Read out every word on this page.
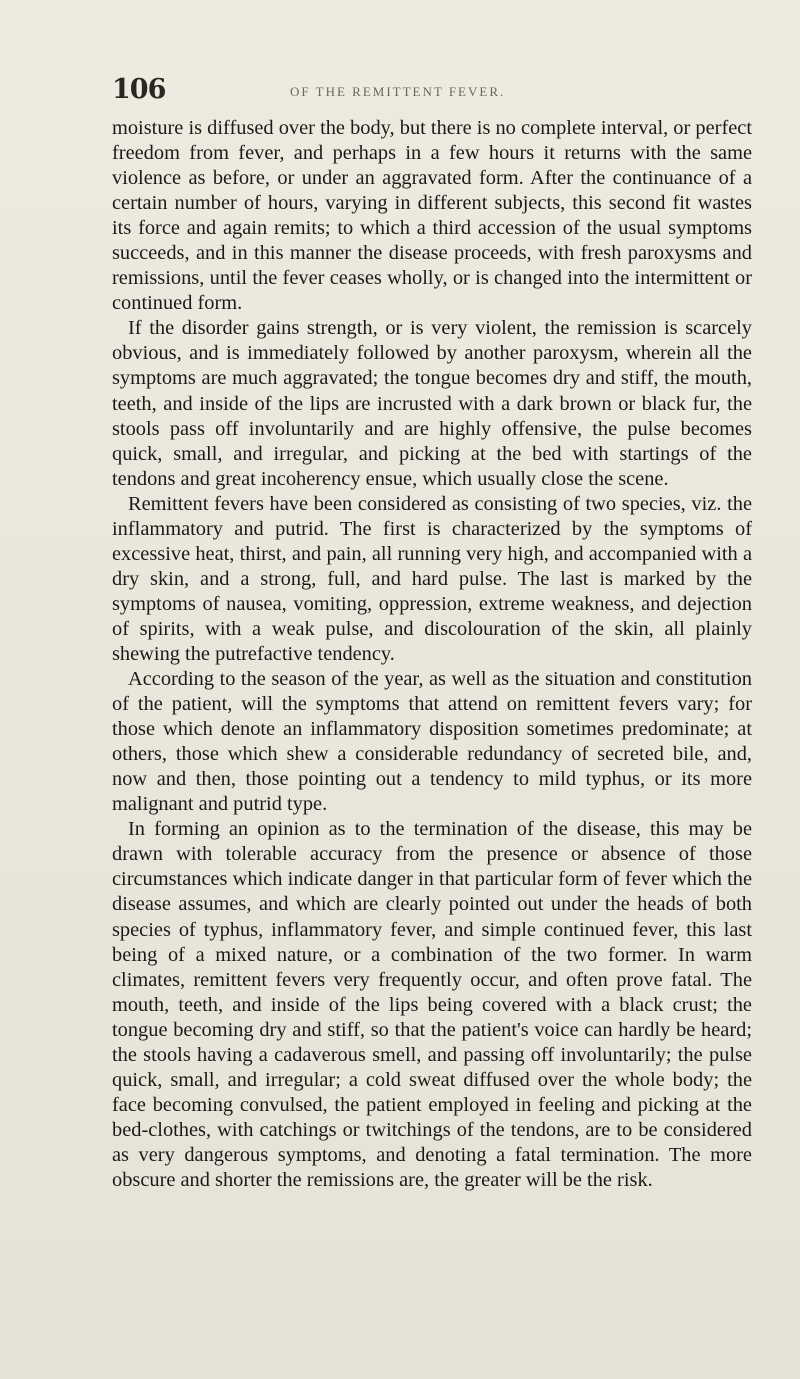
106	OF THE REMITTENT FEVER.

moisture is diffused over the body, but there is no complete interval, or perfect freedom from fever, and perhaps in a few hours it returns with the same violence as before, or under an aggravated form. After the continuance of a certain number of hours, varying in different subjects, this second fit wastes its force and again remits; to which a third accession of the usual symptoms succeeds, and in this manner the disease proceeds, with fresh paroxysms and remissions, until the fever ceases wholly, or is changed into the intermittent or continued form.

If the disorder gains strength, or is very violent, the remission is scarcely obvious, and is immediately followed by another paroxysm, wherein all the symptoms are much aggravated; the tongue becomes dry and stiff, the mouth, teeth, and inside of the lips are incrusted with a dark brown or black fur, the stools pass off involuntarily and are highly offensive, the pulse becomes quick, small, and irregular, and picking at the bed with startings of the tendons and great incoherency ensue, which usually close the scene.

Remittent fevers have been considered as consisting of two species, viz. the inflammatory and putrid. The first is characterized by the symptoms of excessive heat, thirst, and pain, all running very high, and accompanied with a dry skin, and a strong, full, and hard pulse. The last is marked by the symptoms of nausea, vomiting, oppression, extreme weakness, and dejection of spirits, with a weak pulse, and discolouration of the skin, all plainly shewing the putrefactive tendency.

According to the season of the year, as well as the situation and constitution of the patient, will the symptoms that attend on remittent fevers vary; for those which denote an inflammatory disposition sometimes predominate; at others, those which shew a considerable redundancy of secreted bile, and, now and then, those pointing out a tendency to mild typhus, or its more malignant and putrid type.

In forming an opinion as to the termination of the disease, this may be drawn with tolerable accuracy from the presence or absence of those circumstances which indicate danger in that particular form of fever which the disease assumes, and which are clearly pointed out under the heads of both species of typhus, inflammatory fever, and simple continued fever, this last being of a mixed nature, or a combination of the two former. In warm climates, remittent fevers very frequently occur, and often prove fatal. The mouth, teeth, and inside of the lips being covered with a black crust; the tongue becoming dry and stiff, so that the patient's voice can hardly be heard; the stools having a cadaverous smell, and passing off involuntarily; the pulse quick, small, and irregular; a cold sweat diffused over the whole body; the face becoming convulsed, the patient employed in feeling and picking at the bed-clothes, with catchings or twitchings of the tendons, are to be considered as very dangerous symptoms, and denoting a fatal termination. The more obscure and shorter the remissions are, the greater will be the risk.
